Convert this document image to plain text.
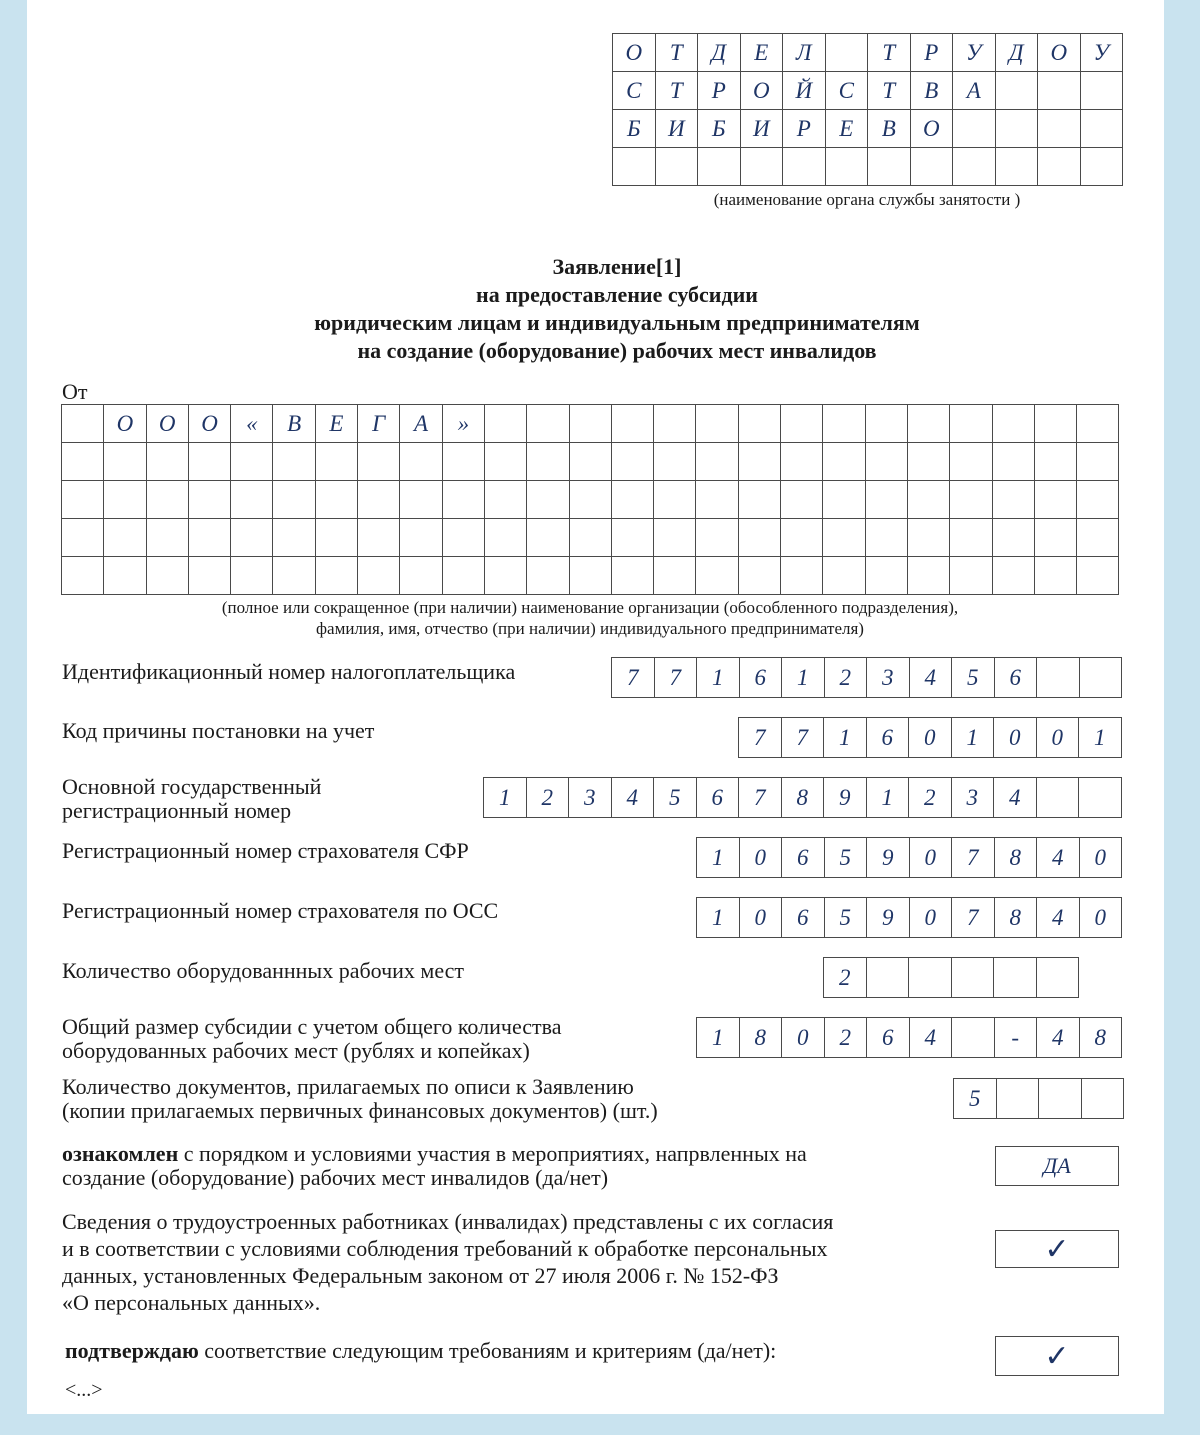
О	Т	Д	Е	Л		Т	Р	У	Д	О	У
С	Т	Р	О	Й	С	Т	В	А			
Б	И	Б	И	Р	Е	В	О				

(наименование органа службы занятости )
Заявление[1]
на предоставление субсидии
юридическим лицам и индивидуальным предпринимателям
на создание (оборудование) рабочих мест инвалидов
От
	О	О	О	«	В	Е	Г	А	»															

(полное или сокращенное (при наличии) наименование организации (обособленного подразделения),
фамилия, имя, отчество (при наличии) индивидуального предпринимателя)
Идентификационный номер налогоплательщика	7	7	1	6	1	2	3	4	5	6		
Код причины постановки на учет	7	7	1	6	0	1	0	0	1
Основной государственный
регистрационный номер
1	2	3	4	5	6	7	8	9	1	2	3	4		
Регистрационный номер страхователя СФР	1	0	6	5	9	0	7	8	4	0
Регистрационный номер страхователя по ОСС	1	0	6	5	9	0	7	8	4	0
Количество оборудованнных рабочих мест	2					
Общий размер субсидии с учетом общего количества
оборудованных рабочих мест (рублях и копейках)
1	8	0	2	6	4		-	4	8
Количество документов, прилагаемых по описи к Заявлению
(копии прилагаемых первичных финансовых документов) (шт.)	5			
ознакомлен с порядком и условиями участия в мероприятиях, напрвленных на
создание (оборудование) рабочих мест инвалидов (да/нет)	ДА
Сведения о трудоустроенных работниках (инвалидах) представлены с их согласия
и в соответствии с условиями соблюдения требований к обработке персональных
данных, установленных Федеральным законом от 27 июля 2006 г. № 152-ФЗ
«О персональных данных».
✓
подтверждаю соответствие следующим требованиям и критериям (да/нет):	✓
<...>
